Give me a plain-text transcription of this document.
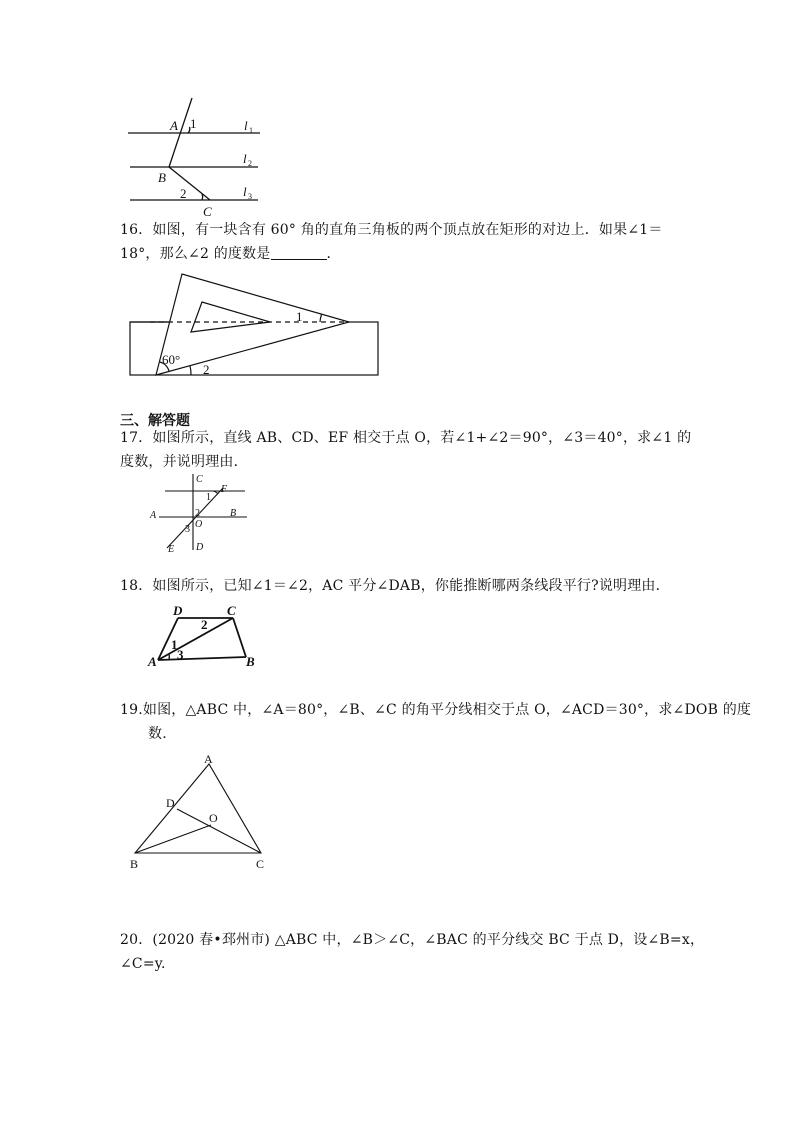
A 1	l 1
l 2
B
2	l 3
C
16．如图，有一块含有 60° 角的直角三角板的两个顶点放在矩形的对边上．如果∠1＝
18°，那么∠2 的度数是	．
1
60°
2
三、解答题
17．如图所示，直线 AB、CD、EF 相交于点 O，若∠1+∠2＝90°，∠3＝40°，求∠1 的
度数，并说明理由．
C
F
1
A	2	B
O
3
E D
18．如图所示，已知∠1＝∠2，AC 平分∠DAB，你能推断哪两条线段平行?说明理由．
D	C
2
1
3
A	B
19.如图，△ABC 中，∠A＝80°，∠B、∠C 的角平分线相交于点 O，∠ACD＝30°，求∠DOB 的度
数.
A
D
O
B	C
20．(2020 春•邳州市) △ABC 中，∠B＞∠C，∠BAC 的平分线交 BC 于点 D，设∠B=x，
∠C=y.
